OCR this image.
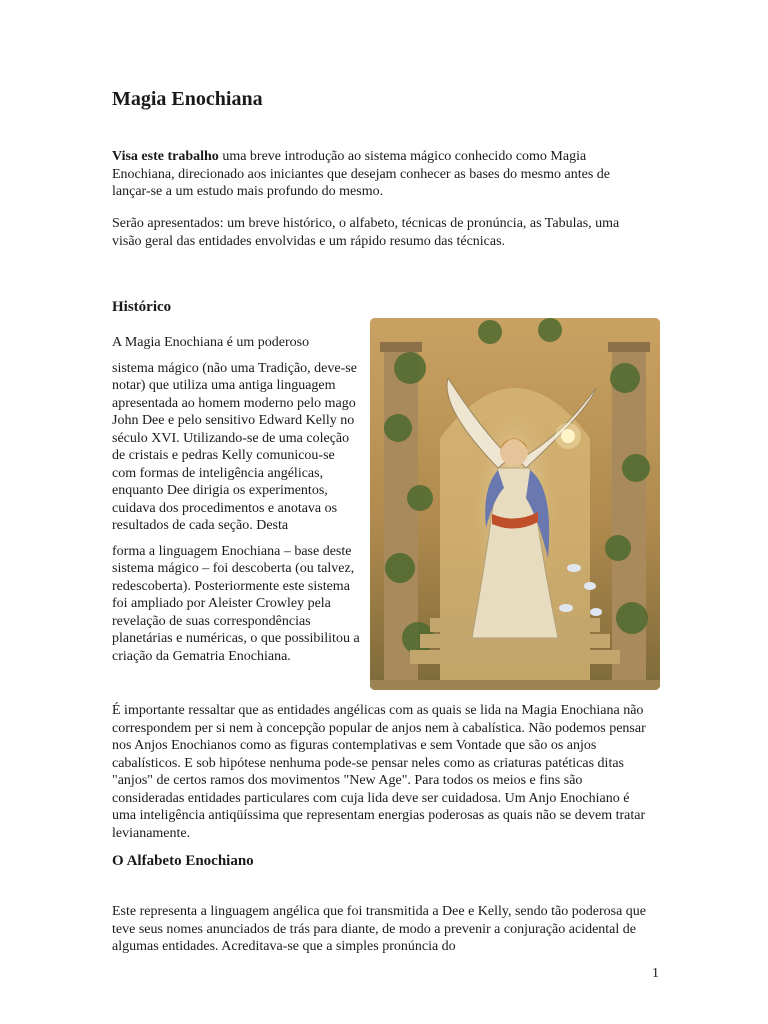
Magia Enochiana

Visa este trabalho uma breve introdução ao sistema mágico conhecido como Magia Enochiana, direcionado aos iniciantes que desejam conhecer as bases do mesmo antes de lançar-se a um estudo mais profundo do mesmo.

Serão apresentados: um breve histórico, o alfabeto, técnicas de pronúncia, as Tabulas, uma visão geral das entidades envolvidas e um rápido resumo das técnicas.

Histórico

A Magia Enochiana é um poderoso
sistema mágico (não uma Tradição, deve-se notar) que utiliza uma antiga linguagem apresentada ao homem moderno pelo mago John Dee e pelo sensitivo Edward Kelly no século XVI. Utilizando-se de uma coleção de cristais e pedras Kelly comunicou-se com formas de inteligência angélicas, enquanto Dee dirigia os experimentos, cuidava dos procedimentos e anotava os resultados de cada seção. Desta
forma a linguagem Enochiana – base deste sistema mágico – foi descoberta (ou talvez, redescoberta). Posteriormente este sistema foi ampliado por Aleister Crowley pela revelação de suas correspondências planetárias e numéricas, o que possibilitou a criação da Gematria Enochiana.

É importante ressaltar que as entidades angélicas com as quais se lida na Magia Enochiana não correspondem per si nem à concepção popular de anjos nem à cabalística. Não podemos pensar nos Anjos Enochianos como as figuras contemplativas e sem Vontade que são os anjos cabalísticos. E sob hipótese nenhuma pode-se pensar neles como as criaturas patéticas ditas "anjos" de certos ramos dos movimentos "New Age". Para todos os meios e fins são consideradas entidades particulares com cuja lida deve ser cuidadosa. Um Anjo Enochiano é uma inteligência antiqüíssima que representam energias poderosas as quais não se devem tratar levianamente.

O Alfabeto Enochiano

Este representa a linguagem angélica que foi transmitida a Dee e Kelly, sendo tão poderosa que teve seus nomes anunciados de trás para diante, de modo a prevenir a conjuração acidental de algumas entidades. Acreditava-se que a simples pronúncia do

1
